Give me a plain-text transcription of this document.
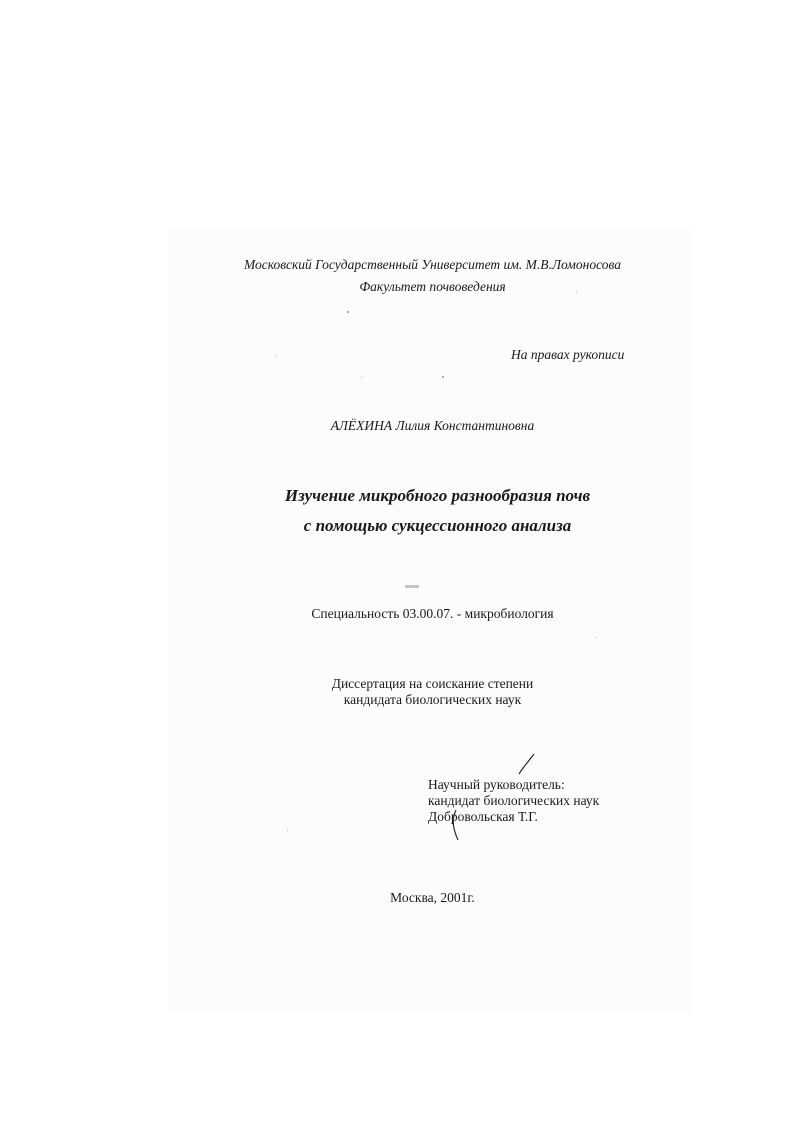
Московский Государственный Университет им. М.В.Ломоносова

Факультет почвоведения

На правах рукописи

АЛЁХИНА Лилия Константиновна

Изучение микробного разнообразия почв

с помощью сукцессионного анализа

Специальность 03.00.07. - микробиология

Диссертация на соискание степени

кандидата биологических наук

Научный руководитель:

кандидат биологических наук

Добровольская Т.Г.

Москва, 2001г.
